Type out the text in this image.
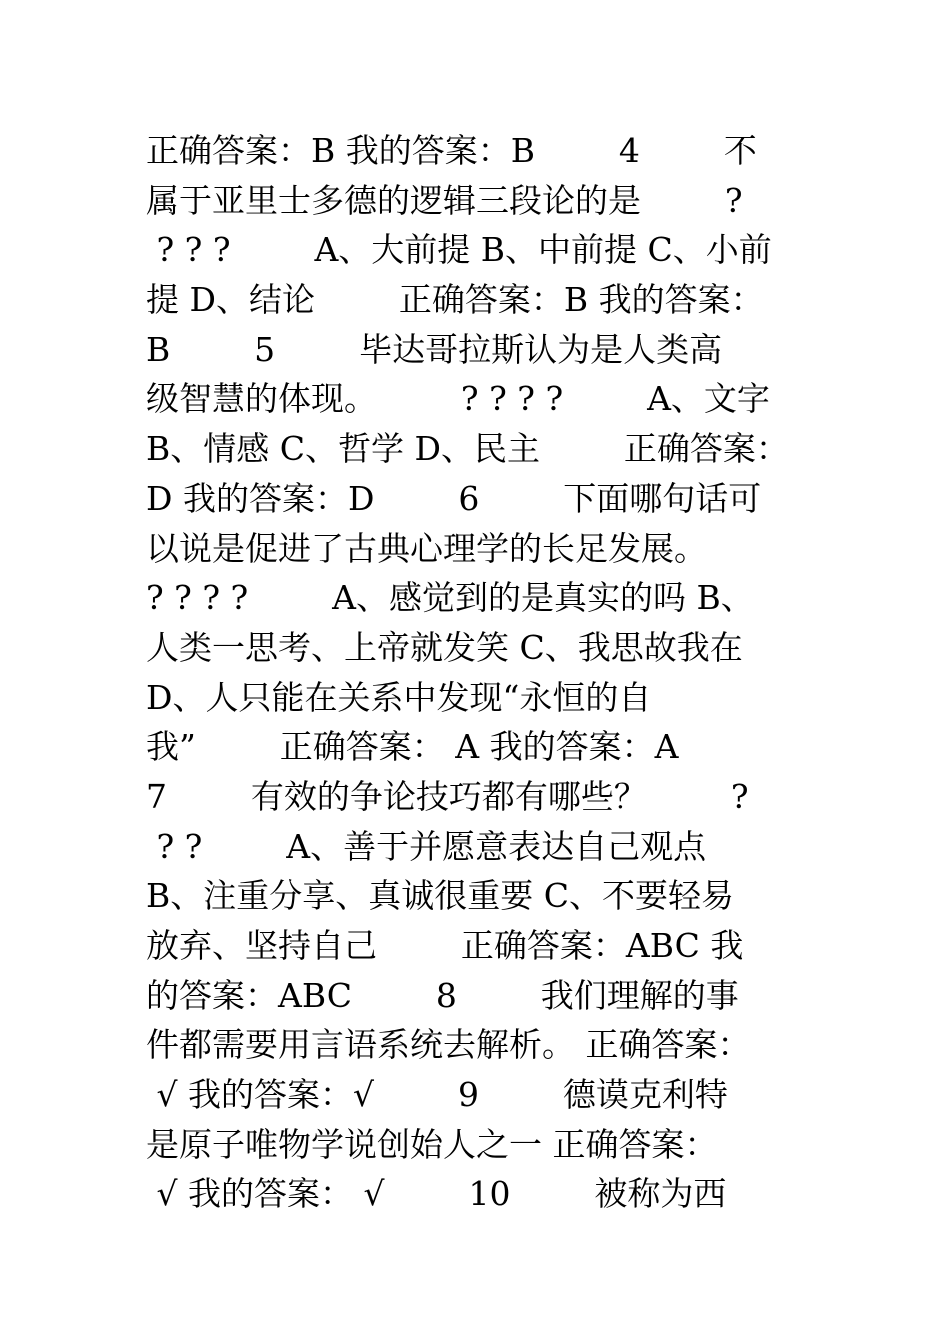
正确答案：B 我的答案：B        4        不
属于亚里士多德的逻辑三段论的是        ?
? ? ?        A、大前提 B、中前提 C、小前
提 D、结论        正确答案：B 我的答案：
B        5        毕达哥拉斯认为是人类高
级智慧的体现。        ? ? ? ?        A、文字
B、情感 C、哲学 D、民主        正确答案：
D 我的答案：D        6        下面哪句话可
以说是促进了古典心理学的长足发展。
? ? ? ?        A、感觉到的是真实的吗 B、
人类一思考、上帝就发笑 C、我思故我在
D、人只能在关系中发现“永恒的自
我”        正确答案： A 我的答案：A
7        有效的争论技巧都有哪些？        ?
? ?        A、善于并愿意表达自己观点
B、注重分享、真诚很重要 C、不要轻易
放弃、坚持自己        正确答案：ABC 我
的答案：ABC        8        我们理解的事
件都需要用言语系统去解析。 正确答案：
√ 我的答案：√        9        德谟克利特
是原子唯物学说创始人之一 正确答案：
√ 我的答案： √        10        被称为西
